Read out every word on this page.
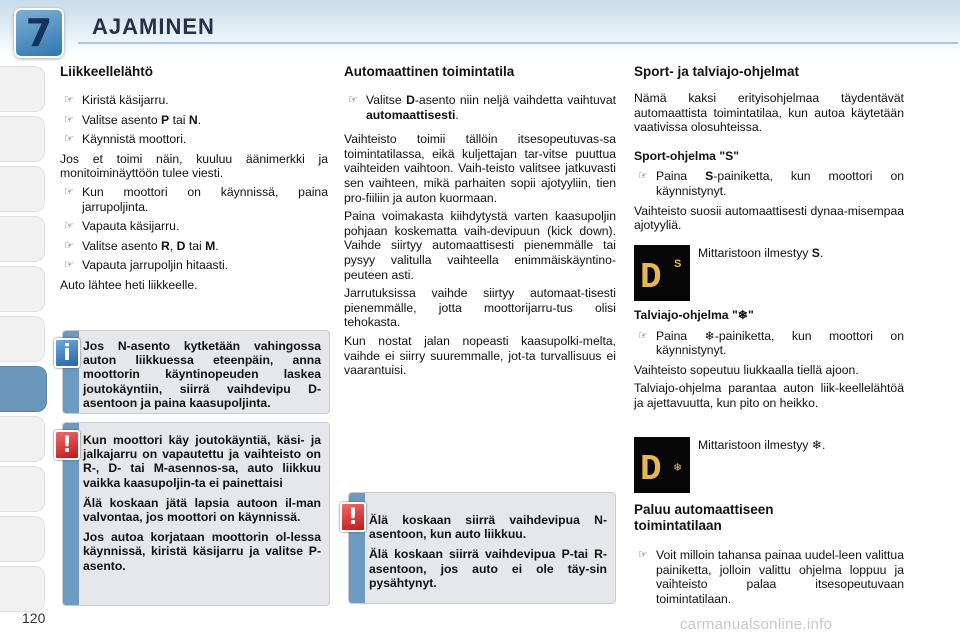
7	AJAMINEN
Liikkeellelähtö
☞ Kiristä käsijarru.
☞ Valitse asento P tai N.
☞ Käynnistä moottori.

Jos et toimi näin, kuuluu äänimerkki ja monitoiminäyttöön tulee viesti.

☞ Kun moottori on käynnissä, paina jarrupoljinta.
☞ Vapauta käsijarru.
☞ Valitse asento R, D tai M.
☞ Vapauta jarrupoljin hitaasti.

Auto lähtee heti liikkeelle.

Jos N-asento kytketään vahingossa auton liikkuessa eteenpäin, anna moottorin käyntinopeuden laskea joutokäyntiin, siirrä vaihdevipu D-asentoon ja paina kaasupoljinta.
i

Kun moottori käy joutokäyntiä, käsi- ja jalkajarru on vapautettu ja vaihteisto on R-, D- tai M-asennos-sa, auto liikkuu vaikka kaasupoljin-ta ei painettaisi

Älä koskaan jätä lapsia autoon il-man valvontaa, jos moottori on käynnissä.

Jos autoa korjataan moottorin ol-lessa käynnissä, kiristä käsijarru ja valitse P-asento.

!
Automaattinen toimintatila
☞ Valitse D-asento niin neljä vaihdetta vaihtuvat automaattisesti.

Vaihteisto toimii tällöin itsesopeutuvas-sa toimintatilassa, eikä kuljettajan tar-vitse puuttua vaihteiden vaihtoon. Vaih-teisto valitsee jatkuvasti sen vaihteen, mikä parhaiten sopii ajotyyliin, tien pro-fiiliin ja auton kuormaan.

Paina voimakasta kiihdytystä varten kaasupoljin pohjaan koskematta vaih-devipuun (kick down). Vaihde siirtyy automaattisesti pienemmälle tai pysyy valitulla vaihteella enimmäiskäyntino-peuteen asti.

Jarrutuksissa vaihde siirtyy automaat-tisesti pienemmälle, jotta moottorijarru-tus olisi tehokasta.

Kun nostat jalan nopeasti kaasupolki-melta, vaihde ei siirry suuremmalle, jot-ta turvallisuus ei vaarantuisi.

Älä koskaan siirrä vaihdevipua N-asentoon, kun auto liikkuu.

Älä koskaan siirrä vaihdevipua P-tai R-asentoon, jos auto ei ole täy-sin pysähtynyt.

!
Sport- ja talviajo-ohjelmat

Nämä kaksi erityisohjelmaa täydentävät automaattista toimintatilaa, kun autoa käytetään vaativissa olosuhteissa.

Sport-ohjelma "S"
☞ Paina S-painiketta, kun moottori on käynnistynyt.

Vaihteisto suosii automaattisesti dynaa-misempaa ajotyyliä.

D S
Mittaristoon ilmestyy S.
Talviajo-ohjelma "❄"
☞ Paina ❄-painiketta, kun moottori on käynnistynyt.

Vaihteisto sopeutuu liukkaalla tiellä ajoon.

Talviajo-ohjelma parantaa auton liik-keellelähtöä ja ajettavuutta, kun pito on heikko.

D ❄
Mittaristoon ilmestyy ❄.
Paluu automaattiseen toimintatilaan
☞ Voit milloin tahansa painaa uudel-leen valittua painiketta, jolloin valittu ohjelma loppuu ja vaihteisto palaa itsesopeutuvaan toimintatilaan.
120	carmanualsonline.info
